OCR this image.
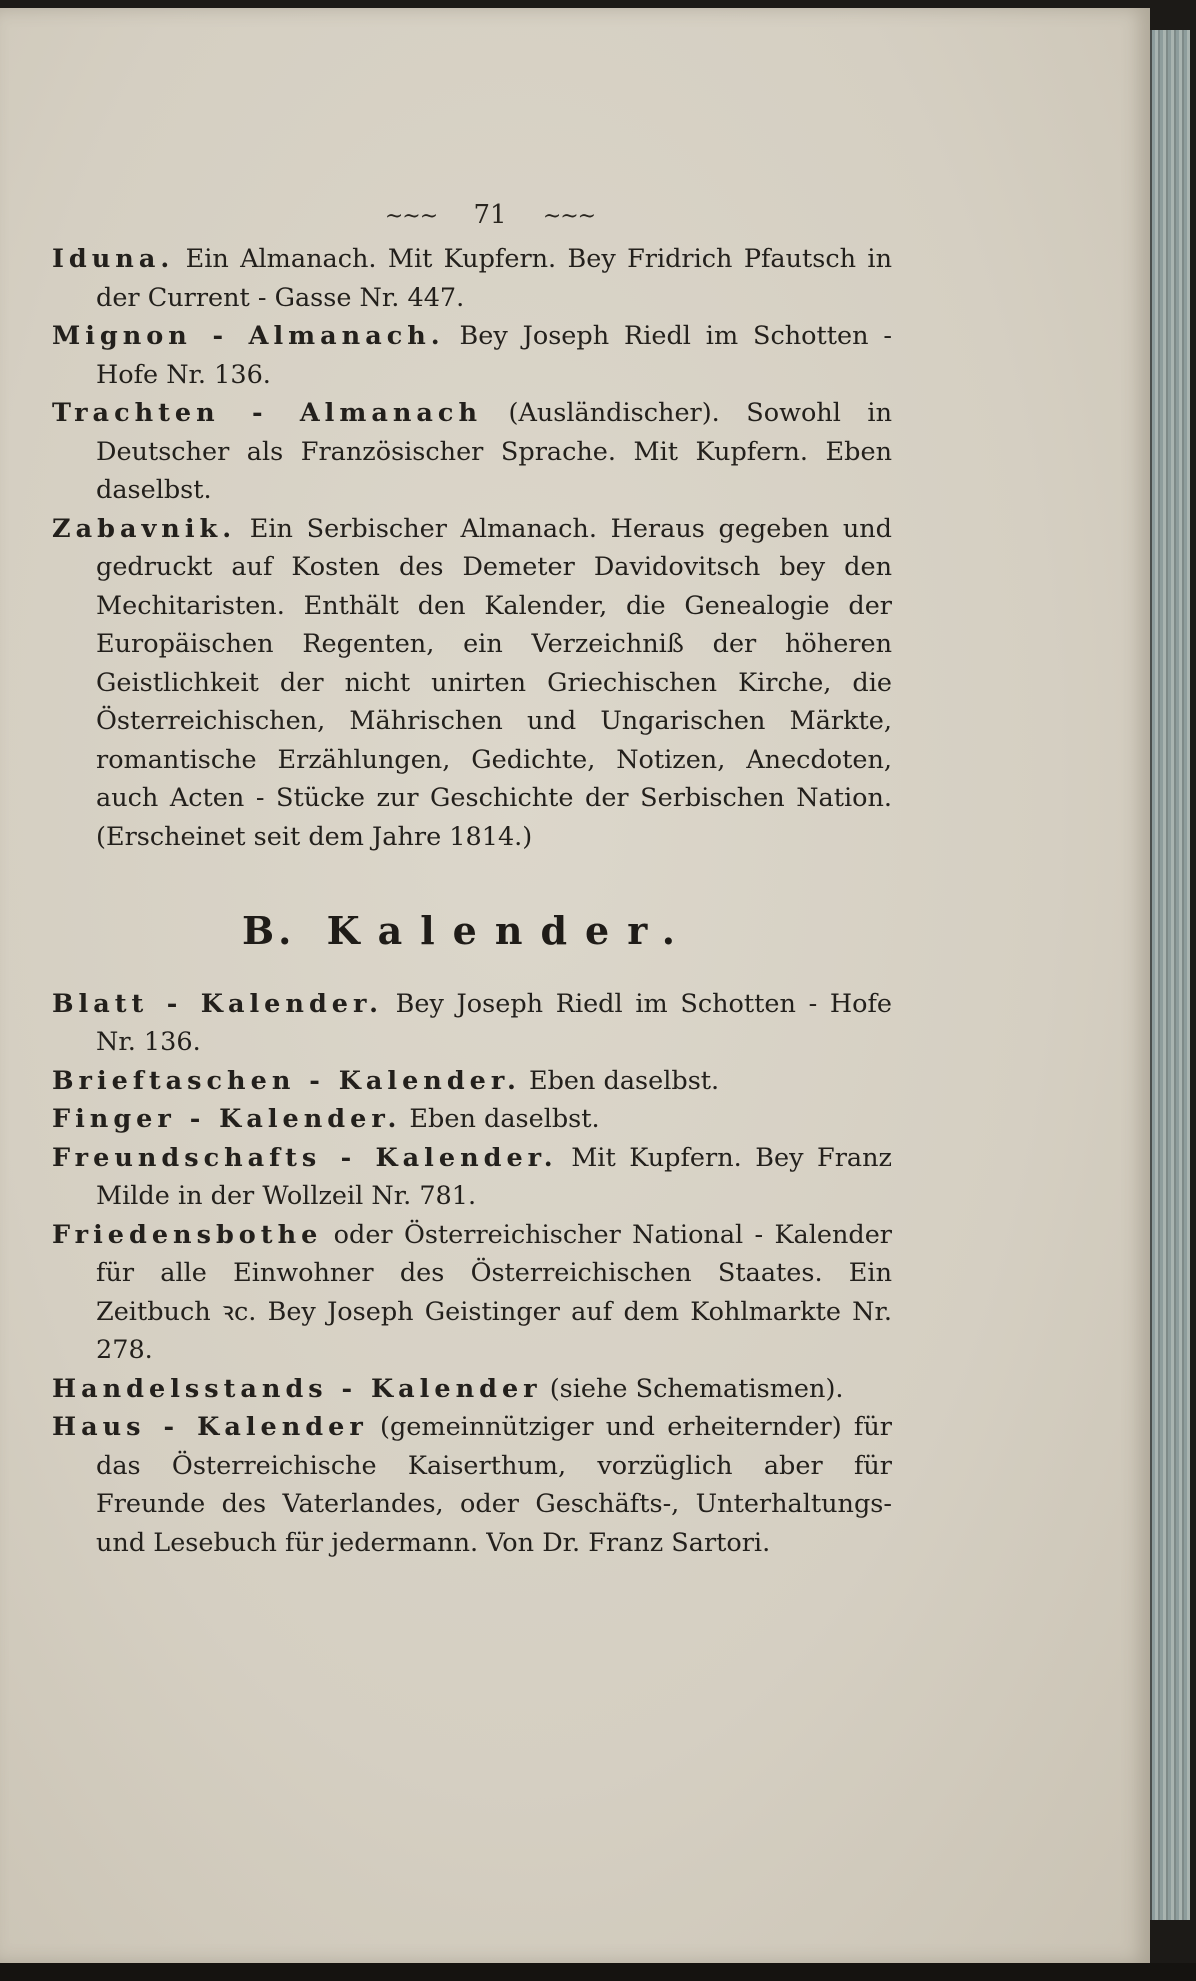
~~~ 71 ~~~

Iduna. Ein Almanach. Mit Kupfern. Bey Fridrich Pfautsch in der Current - Gasse Nr. 447.

Mignon - Almanach. Bey Joseph Riedl im Schotten - Hofe Nr. 136.

Trachten - Almanach (Ausländischer). Sowohl in Deutscher als Französischer Sprache. Mit Kupfern. Eben daselbst.

Zabavnik. Ein Serbischer Almanach. Heraus gegeben und gedruckt auf Kosten des Demeter Davidovitsch bey den Mechitaristen. Enthält den Kalender, die Genealogie der Europäischen Regenten, ein Verzeichniß der höheren Geistlichkeit der nicht unirten Griechischen Kirche, die Österreichischen, Mährischen und Ungarischen Märkte, romantische Erzählungen, Gedichte, Notizen, Anecdoten, auch Acten - Stücke zur Geschichte der Serbischen Nation. (Erscheinet seit dem Jahre 1814.)

B. Kalender.

Blatt - Kalender. Bey Joseph Riedl im Schotten - Hofe Nr. 136.

Brieftaschen - Kalender. Eben daselbst.

Finger - Kalender. Eben daselbst.

Freundschafts - Kalender. Mit Kupfern. Bey Franz Milde in der Wollzeil Nr. 781.

Friedensbothe oder Österreichischer National - Kalender für alle Einwohner des Österreichischen Staates. Ein Zeitbuch ꝛc. Bey Joseph Geistinger auf dem Kohlmarkte Nr. 278.

Handelsstands - Kalender (siehe Schematismen).

Haus - Kalender (gemeinnütziger und erheiternder) für das Österreichische Kaiserthum, vorzüglich aber für Freunde des Vaterlandes, oder Geschäfts-, Unterhaltungs- und Lesebuch für jedermann. Von Dr. Franz Sartori.
